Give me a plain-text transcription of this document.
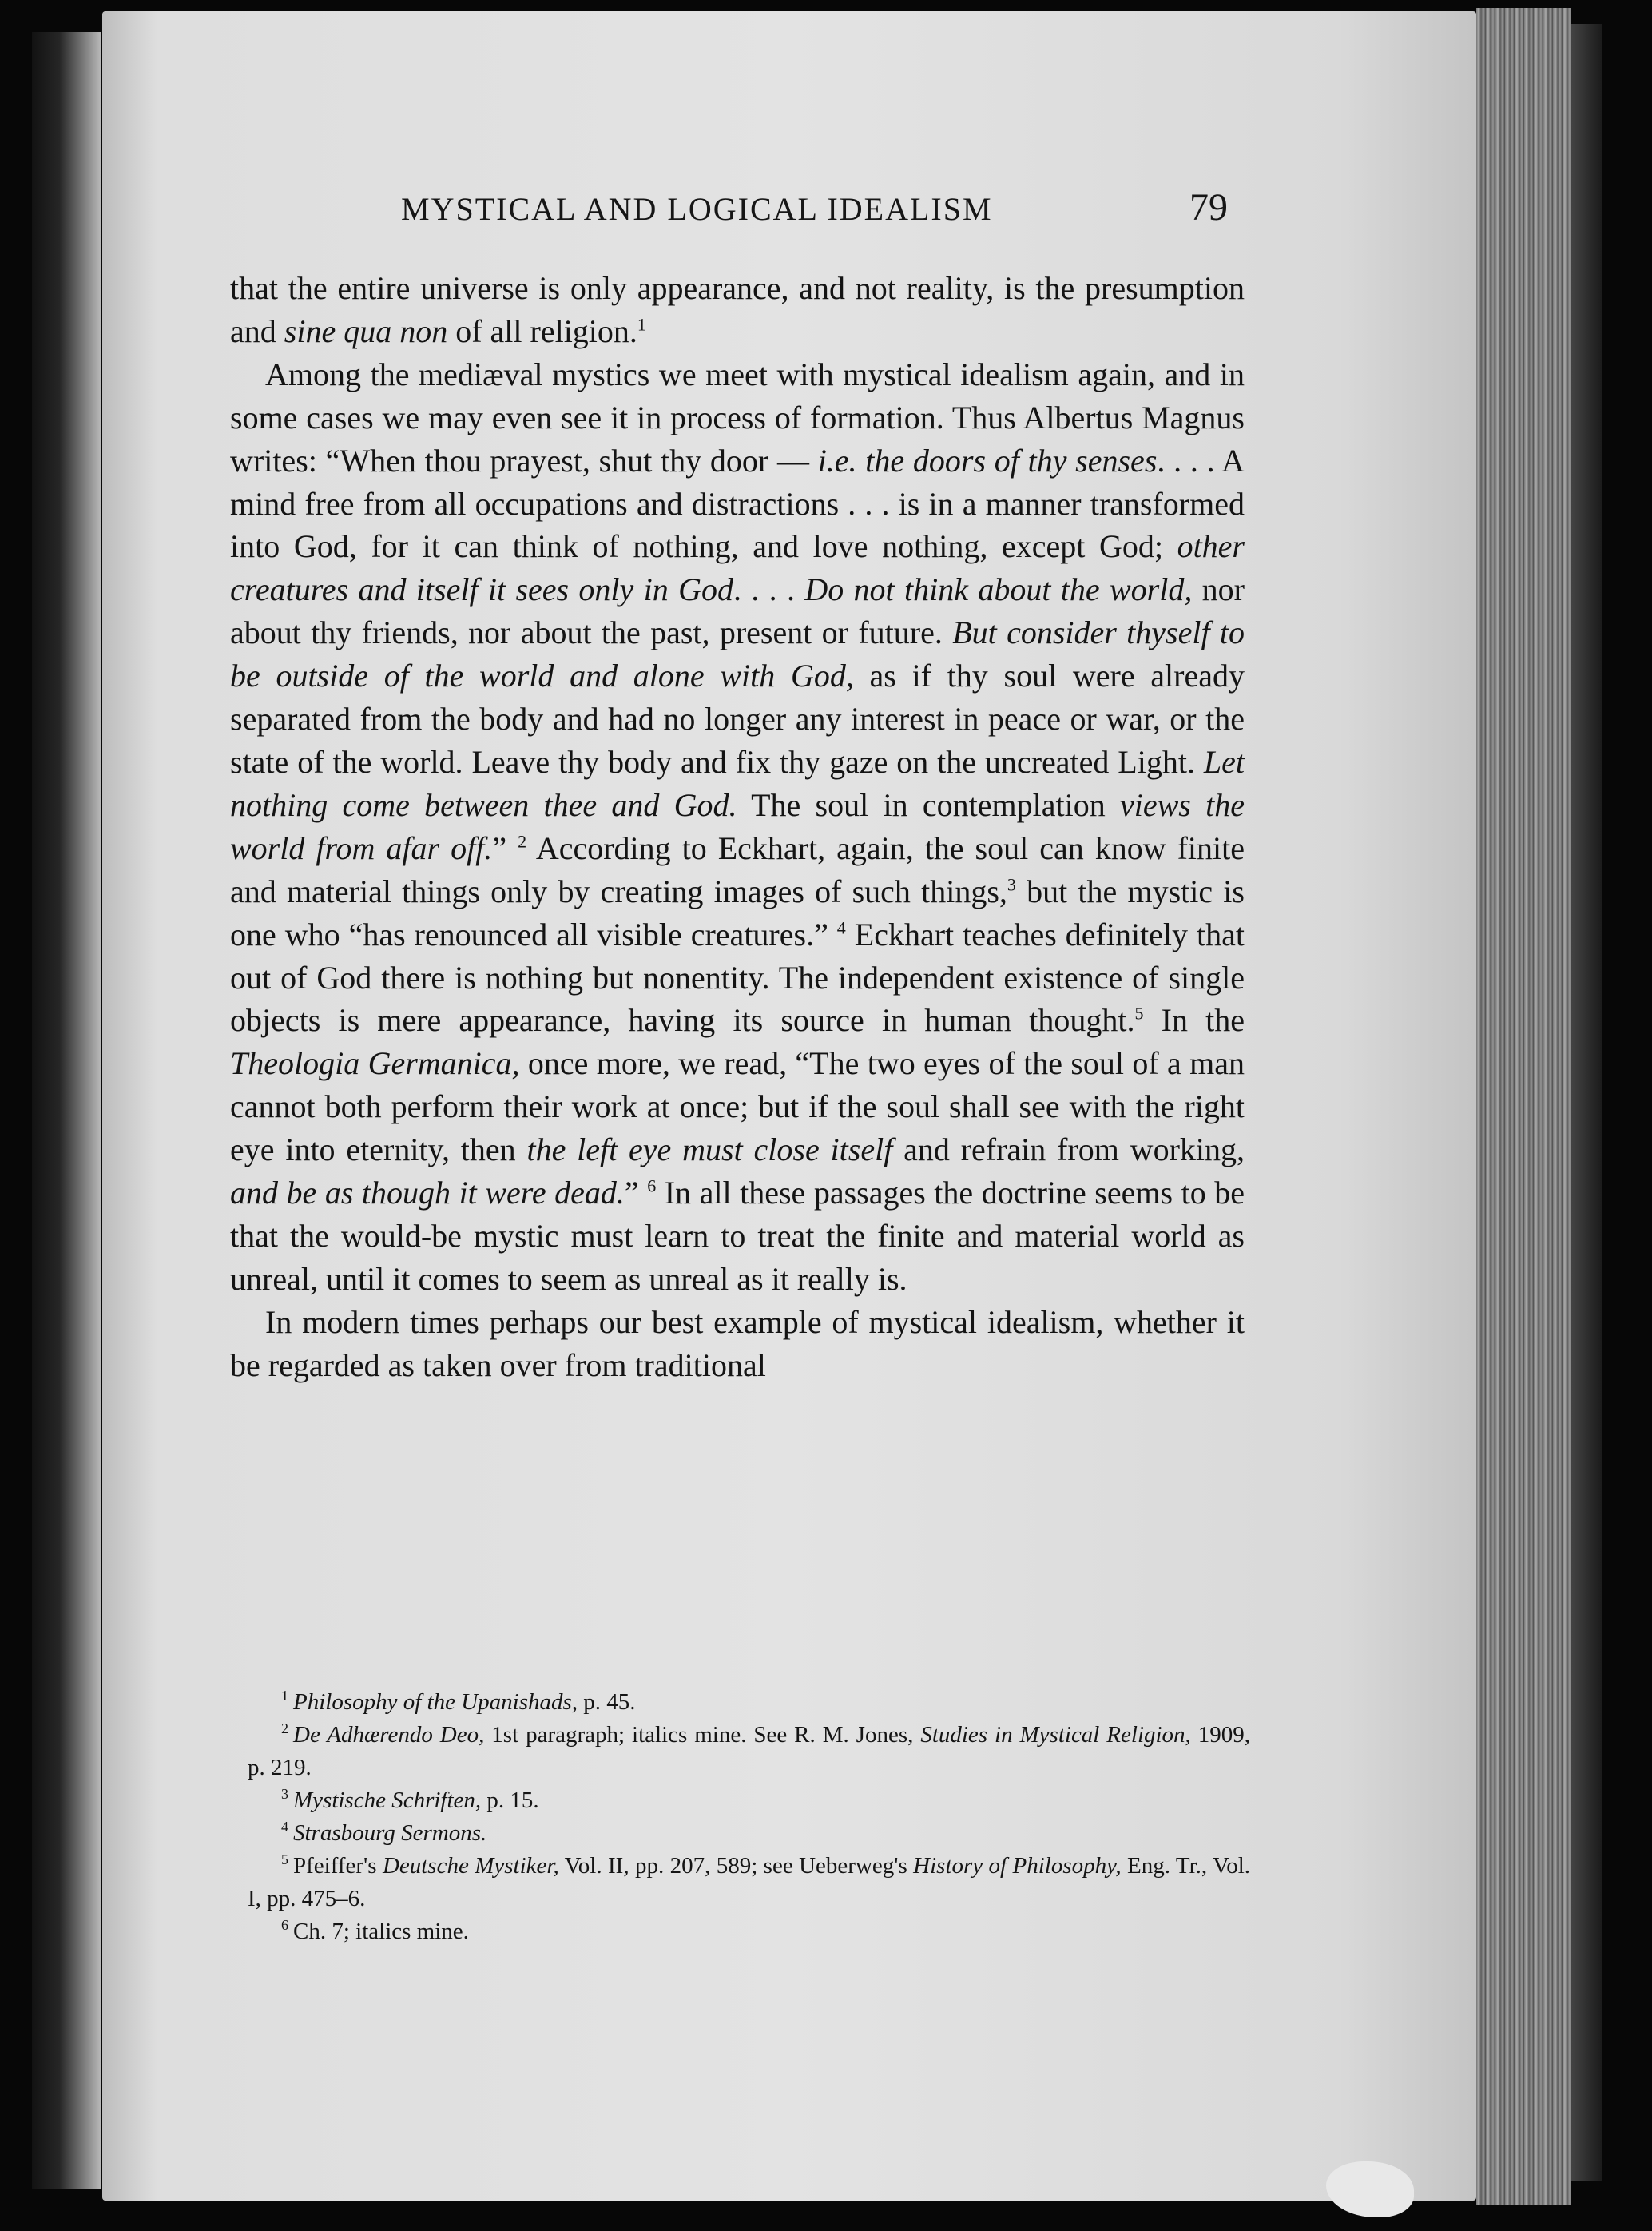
MYSTICAL AND LOGICAL IDEALISM	79

that the entire universe is only appearance, and not reality, is the presumption and sine qua non of all religion.$^1$

Among the mediæval mystics we meet with mystical idealism again, and in some cases we may even see it in process of formation. Thus Albertus Magnus writes: “When thou prayest, shut thy door — i.e. the doors of thy senses. . . . A mind free from all occupations and distractions . . . is in a manner transformed into God, for it can think of nothing, and love nothing, except God; other creatures and itself it sees only in God. . . . Do not think about the world, nor about thy friends, nor about the past, present or future. But consider thyself to be outside of the world and alone with God, as if thy soul were already separated from the body and had no longer any interest in peace or war, or the state of the world. Leave thy body and fix thy gaze on the uncreated Light. Let nothing come between thee and God. The soul in contemplation views the world from afar off.” $^2$ According to Eckhart, again, the soul can know finite and material things only by creating images of such things,$^3$ but the mystic is one who “has renounced all visible creatures.” $^4$ Eckhart teaches definitely that out of God there is nothing but nonentity. The independent existence of single objects is mere appearance, having its source in human thought.$^5$ In the Theologia Germanica, once more, we read, “The two eyes of the soul of a man cannot both perform their work at once; but if the soul shall see with the right eye into eternity, then the left eye must close itself and refrain from working, and be as though it were dead.” $^6$ In all these passages the doctrine seems to be that the would-be mystic must learn to treat the finite and material world as unreal, until it comes to seem as unreal as it really is.

In modern times perhaps our best example of mystical idealism, whether it be regarded as taken over from traditional

$^1$ Philosophy of the Upanishads, p. 45.
$^2$ De Adhærendo Deo, 1st paragraph; italics mine. See R. M. Jones, Studies in Mystical Religion, 1909, p. 219.
$^3$ Mystische Schriften, p. 15.
$^4$ Strasbourg Sermons.
$^5$ Pfeiffer's Deutsche Mystiker, Vol. II, pp. 207, 589; see Ueberweg's History of Philosophy, Eng. Tr., Vol. I, pp. 475–6.
$^6$ Ch. 7; italics mine.
